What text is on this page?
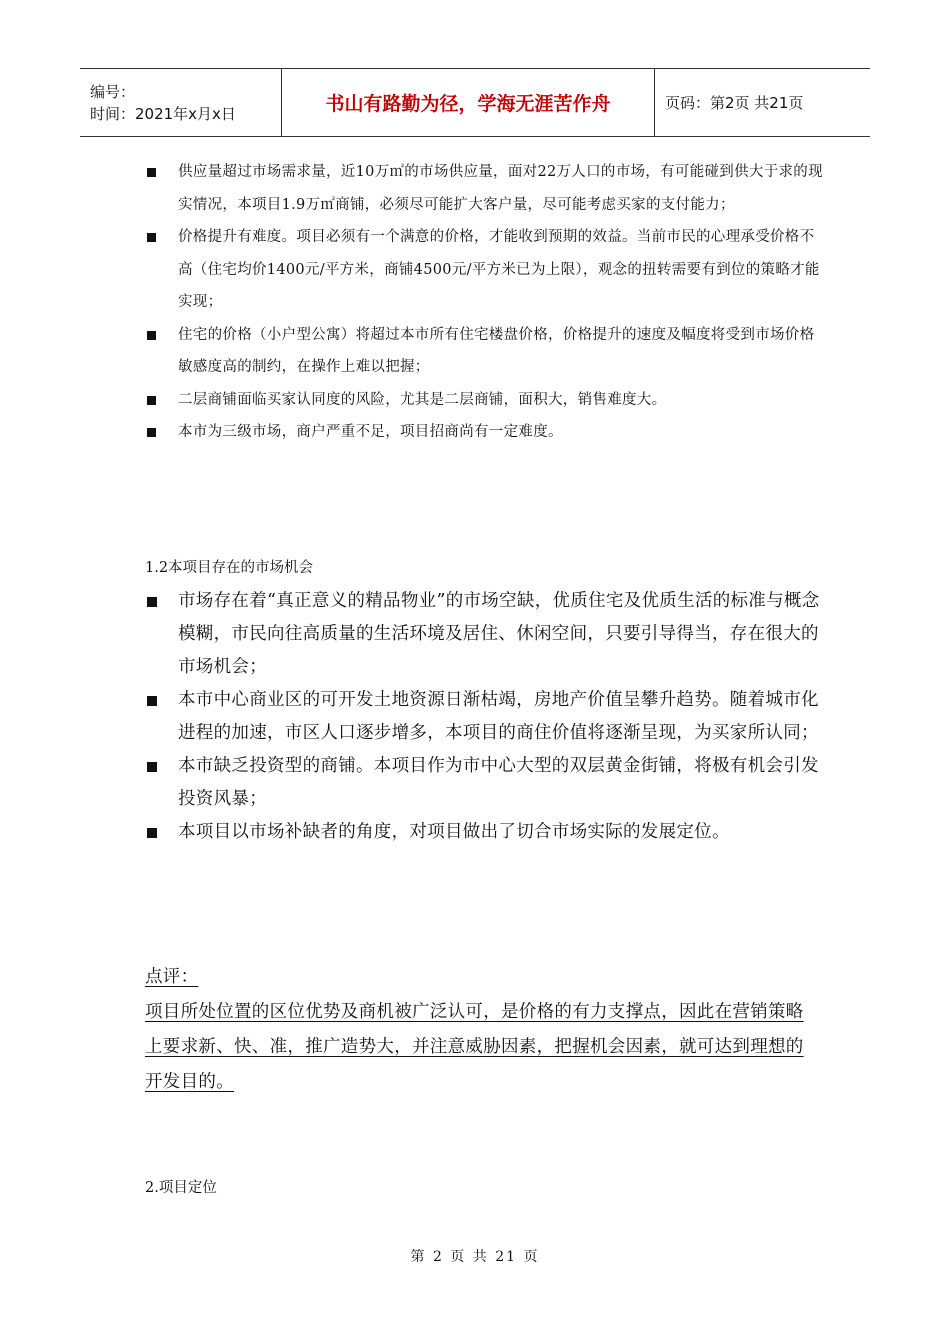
编号：
时间：2021年x月x日	书山有路勤为径，学海无涯苦作舟	页码：第2页 共21页
供应量超过市场需求量，近10万㎡的市场供应量，面对22万人口的市场，有可能碰到供大于求的现实情况，本项目1.9万㎡商铺，必须尽可能扩大客户量，尽可能考虑买家的支付能力；
价格提升有难度。项目必须有一个满意的价格，才能收到预期的效益。当前市民的心理承受价格不高（住宅均价1400元/平方米，商铺4500元/平方米已为上限），观念的扭转需要有到位的策略才能实现；
住宅的价格（小户型公寓）将超过本市所有住宅楼盘价格，价格提升的速度及幅度将受到市场价格敏感度高的制约，在操作上难以把握；
二层商铺面临买家认同度的风险，尤其是二层商铺，面积大，销售难度大。
本市为三级市场，商户严重不足，项目招商尚有一定难度。
1.2本项目存在的市场机会
市场存在着“真正意义的精品物业”的市场空缺，优质住宅及优质生活的标准与概念模糊，市民向往高质量的生活环境及居住、休闲空间，只要引导得当，存在很大的市场机会；
本市中心商业区的可开发土地资源日渐枯竭，房地产价值呈攀升趋势。随着城市化进程的加速，市区人口逐步增多，本项目的商住价值将逐渐呈现，为买家所认同；
本市缺乏投资型的商铺。本项目作为市中心大型的双层黄金街铺，将极有机会引发投资风暴；
本项目以市场补缺者的角度，对项目做出了切合市场实际的发展定位。
点评：
项目所处位置的区位优势及商机被广泛认可，是价格的有力支撑点，因此在营销策略上要求新、快、准，推广造势大，并注意威胁因素，把握机会因素，就可达到理想的开发目的。
2.项目定位
第 2 页 共 21 页
